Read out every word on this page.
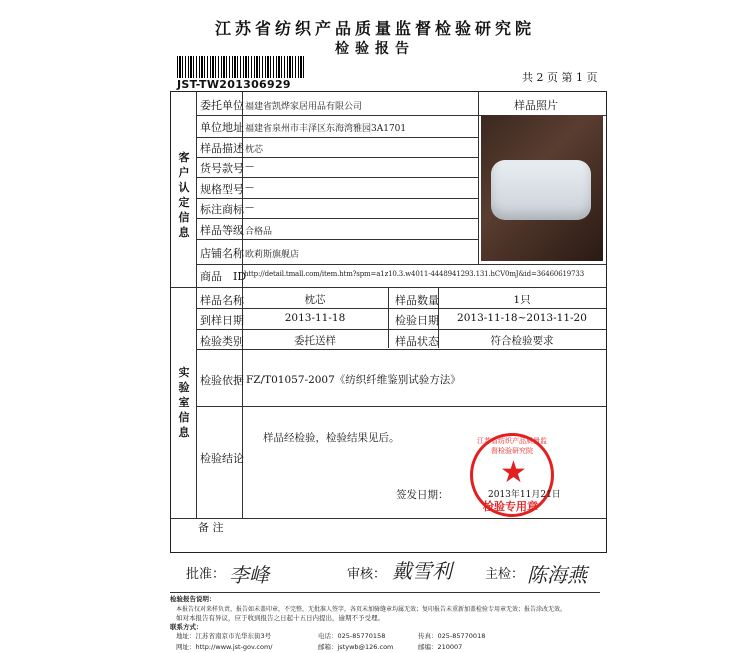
江苏省纺织产品质量监督检验研究院
检验报告
JST-TW201306929
共 2 页 第 1 页
客
户
认
定
信
息
委托单位 福建省凯烨家居用品有限公司
单位地址 福建省泉州市丰泽区东海湾雅园3A1701
样品描述 枕芯
货号款号 —
规格型号 —
标注商标 —
样品等级 合格品
店铺名称 欧莉斯旗舰店
样品照片
商品　ID
http://detail.tmall.com/item.htm?spm=a1z10.3.w4011-4448941293.131.hCV0mJ&id=36460619733
实
验
室
信
息
样品名称	枕芯	样品数量	1只
到样日期	2013-11-18	检验日期	2013-11-18~2013-11-20
检验类别	委托送样	样品状态	符合检验要求
检验依据 FZ/T01057-2007《纺织纤维鉴别试验方法》
检验结论
样品经检验，检验结果见后。
签发日期：
江苏省纺织产品质量监督检验研究院
★
2013年11月21日
检验专用章
备 注
批准： 李峰	审核： 戴雪利	主检： 陈海燕
检验报告说明：
本报告仅对来样负责，报告如未盖印章，不完整，无批准人签字，各页未加骑缝章均属无效；复印报告未重新加盖检验专用章无效；报告涂改无效。
如对本报告有异议，应于收到报告之日起十五日内提出，逾期不予受理。
联系方式：
地址：江苏省南京市光华东街3号	电话：025-85770158	传真：025-85770018
网址：http://www.jst-gov.com/	邮箱：jstywb@126.com	邮编：210007
